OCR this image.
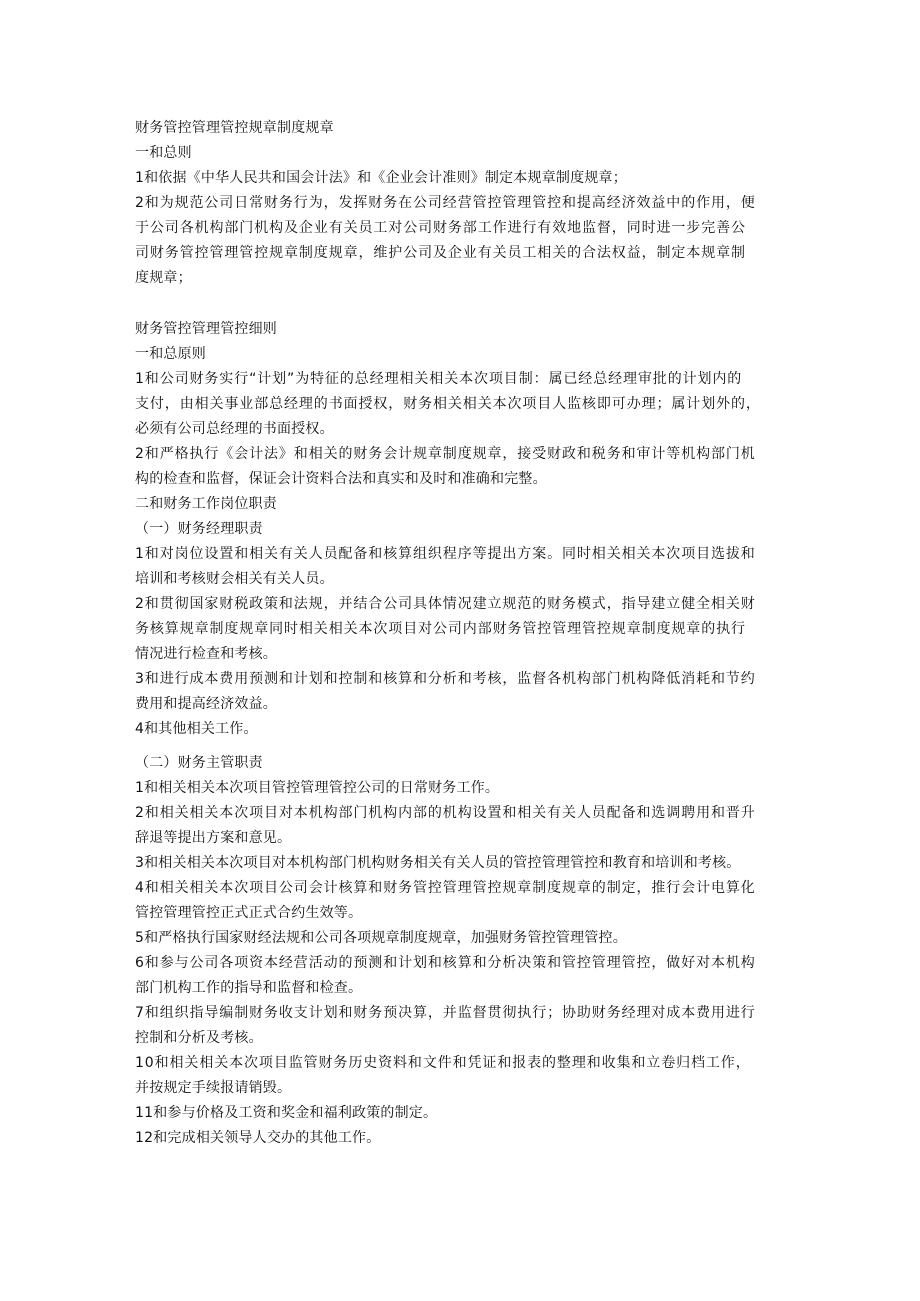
财务管控管理管控规章制度规章
一和总则
1和依据《中华人民共和国会计法》和《企业会计准则》制定本规章制度规章；
2和为规范公司日常财务行为，发挥财务在公司经营管控管理管控和提高经济效益中的作用，便
于公司各机构部门机构及企业有关员工对公司财务部工作进行有效地监督，同时进一步完善公
司财务管控管理管控规章制度规章，维护公司及企业有关员工相关的合法权益，制定本规章制
度规章；
财务管控管理管控细则
一和总原则
1和公司财务实行“计划”为特征的总经理相关相关本次项目制：属已经总经理审批的计划内的
支付，由相关事业部总经理的书面授权，财务相关相关本次项目人监核即可办理；属计划外的，
必须有公司总经理的书面授权。
2和严格执行《会计法》和相关的财务会计规章制度规章，接受财政和税务和审计等机构部门机
构的检查和监督，保证会计资料合法和真实和及时和准确和完整。
二和财务工作岗位职责
（一）财务经理职责
1和对岗位设置和相关有关人员配备和核算组织程序等提出方案。同时相关相关本次项目选拔和
培训和考核财会相关有关人员。
2和贯彻国家财税政策和法规，并结合公司具体情况建立规范的财务模式，指导建立健全相关财
务核算规章制度规章同时相关相关本次项目对公司内部财务管控管理管控规章制度规章的执行
情况进行检查和考核。
3和进行成本费用预测和计划和控制和核算和分析和考核，监督各机构部门机构降低消耗和节约
费用和提高经济效益。
4和其他相关工作。
（二）财务主管职责
1和相关相关本次项目管控管理管控公司的日常财务工作。
2和相关相关本次项目对本机构部门机构内部的机构设置和相关有关人员配备和选调聘用和晋升
辞退等提出方案和意见。
3和相关相关本次项目对本机构部门机构财务相关有关人员的管控管理管控和教育和培训和考核。
4和相关相关本次项目公司会计核算和财务管控管理管控规章制度规章的制定，推行会计电算化
管控管理管控正式正式合约生效等。
5和严格执行国家财经法规和公司各项规章制度规章，加强财务管控管理管控。
6和参与公司各项资本经营活动的预测和计划和核算和分析决策和管控管理管控，做好对本机构
部门机构工作的指导和监督和检查。
7和组织指导编制财务收支计划和财务预决算，并监督贯彻执行；协助财务经理对成本费用进行
控制和分析及考核。
10和相关相关本次项目监管财务历史资料和文件和凭证和报表的整理和收集和立卷归档工作，
并按规定手续报请销毁。
11和参与价格及工资和奖金和福利政策的制定。
12和完成相关领导人交办的其他工作。
